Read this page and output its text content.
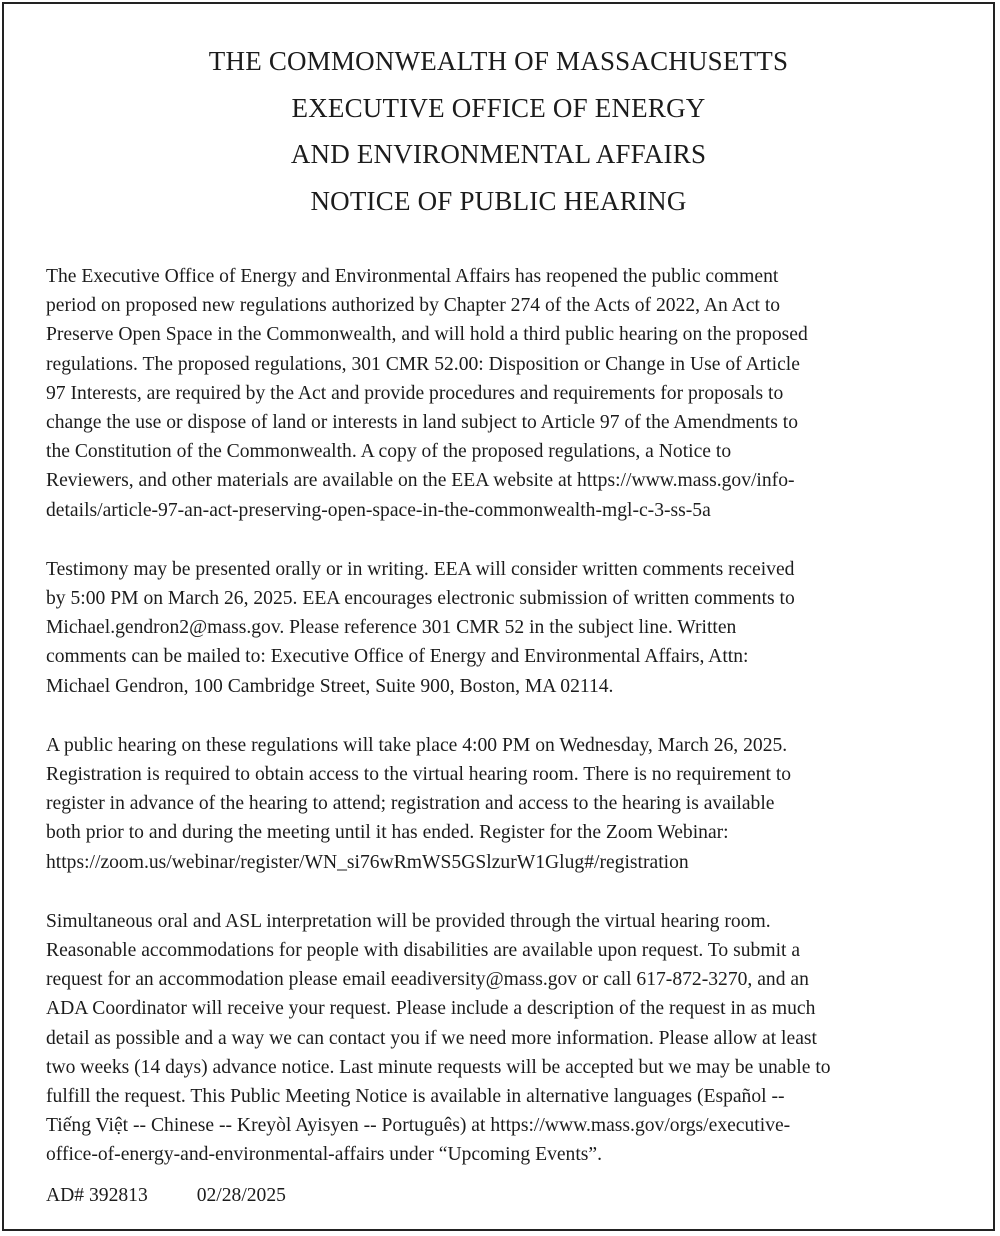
THE COMMONWEALTH OF MASSACHUSETTS
EXECUTIVE OFFICE OF ENERGY
AND ENVIRONMENTAL AFFAIRS
NOTICE OF PUBLIC HEARING

The Executive Office of Energy and Environmental Affairs has reopened the public comment
period on proposed new regulations authorized by Chapter 274 of the Acts of 2022, An Act to
Preserve Open Space in the Commonwealth, and will hold a third public hearing on the proposed
regulations. The proposed regulations, 301 CMR 52.00: Disposition or Change in Use of Article
97 Interests, are required by the Act and provide procedures and requirements for proposals to
change the use or dispose of land or interests in land subject to Article 97 of the Amendments to
the Constitution of the Commonwealth. A copy of the proposed regulations, a Notice to
Reviewers, and other materials are available on the EEA website at https://www.mass.gov/info-
details/article-97-an-act-preserving-open-space-in-the-commonwealth-mgl-c-3-ss-5a

Testimony may be presented orally or in writing. EEA will consider written comments received
by 5:00 PM on March 26, 2025. EEA encourages electronic submission of written comments to
Michael.gendron2@mass.gov. Please reference 301 CMR 52 in the subject line. Written
comments can be mailed to: Executive Office of Energy and Environmental Affairs, Attn:
Michael Gendron, 100 Cambridge Street, Suite 900, Boston, MA 02114.

A public hearing on these regulations will take place 4:00 PM on Wednesday, March 26, 2025.
Registration is required to obtain access to the virtual hearing room. There is no requirement to
register in advance of the hearing to attend; registration and access to the hearing is available
both prior to and during the meeting until it has ended. Register for the Zoom Webinar:
https://zoom.us/webinar/register/WN_si76wRmWS5GSlzurW1Glug#/registration

Simultaneous oral and ASL interpretation will be provided through the virtual hearing room.
Reasonable accommodations for people with disabilities are available upon request. To submit a
request for an accommodation please email eeadiversity@mass.gov or call 617-872-3270, and an
ADA Coordinator will receive your request. Please include a description of the request in as much
detail as possible and a way we can contact you if we need more information. Please allow at least
two weeks (14 days) advance notice. Last minute requests will be accepted but we may be unable to
fulfill the request. This Public Meeting Notice is available in alternative languages (Español --
Tiếng Việt -- Chinese -- Kreyòl Ayisyen -- Português) at https://www.mass.gov/orgs/executive-
office-of-energy-and-environmental-affairs under “Upcoming Events”.

AD# 392813 02/28/2025
